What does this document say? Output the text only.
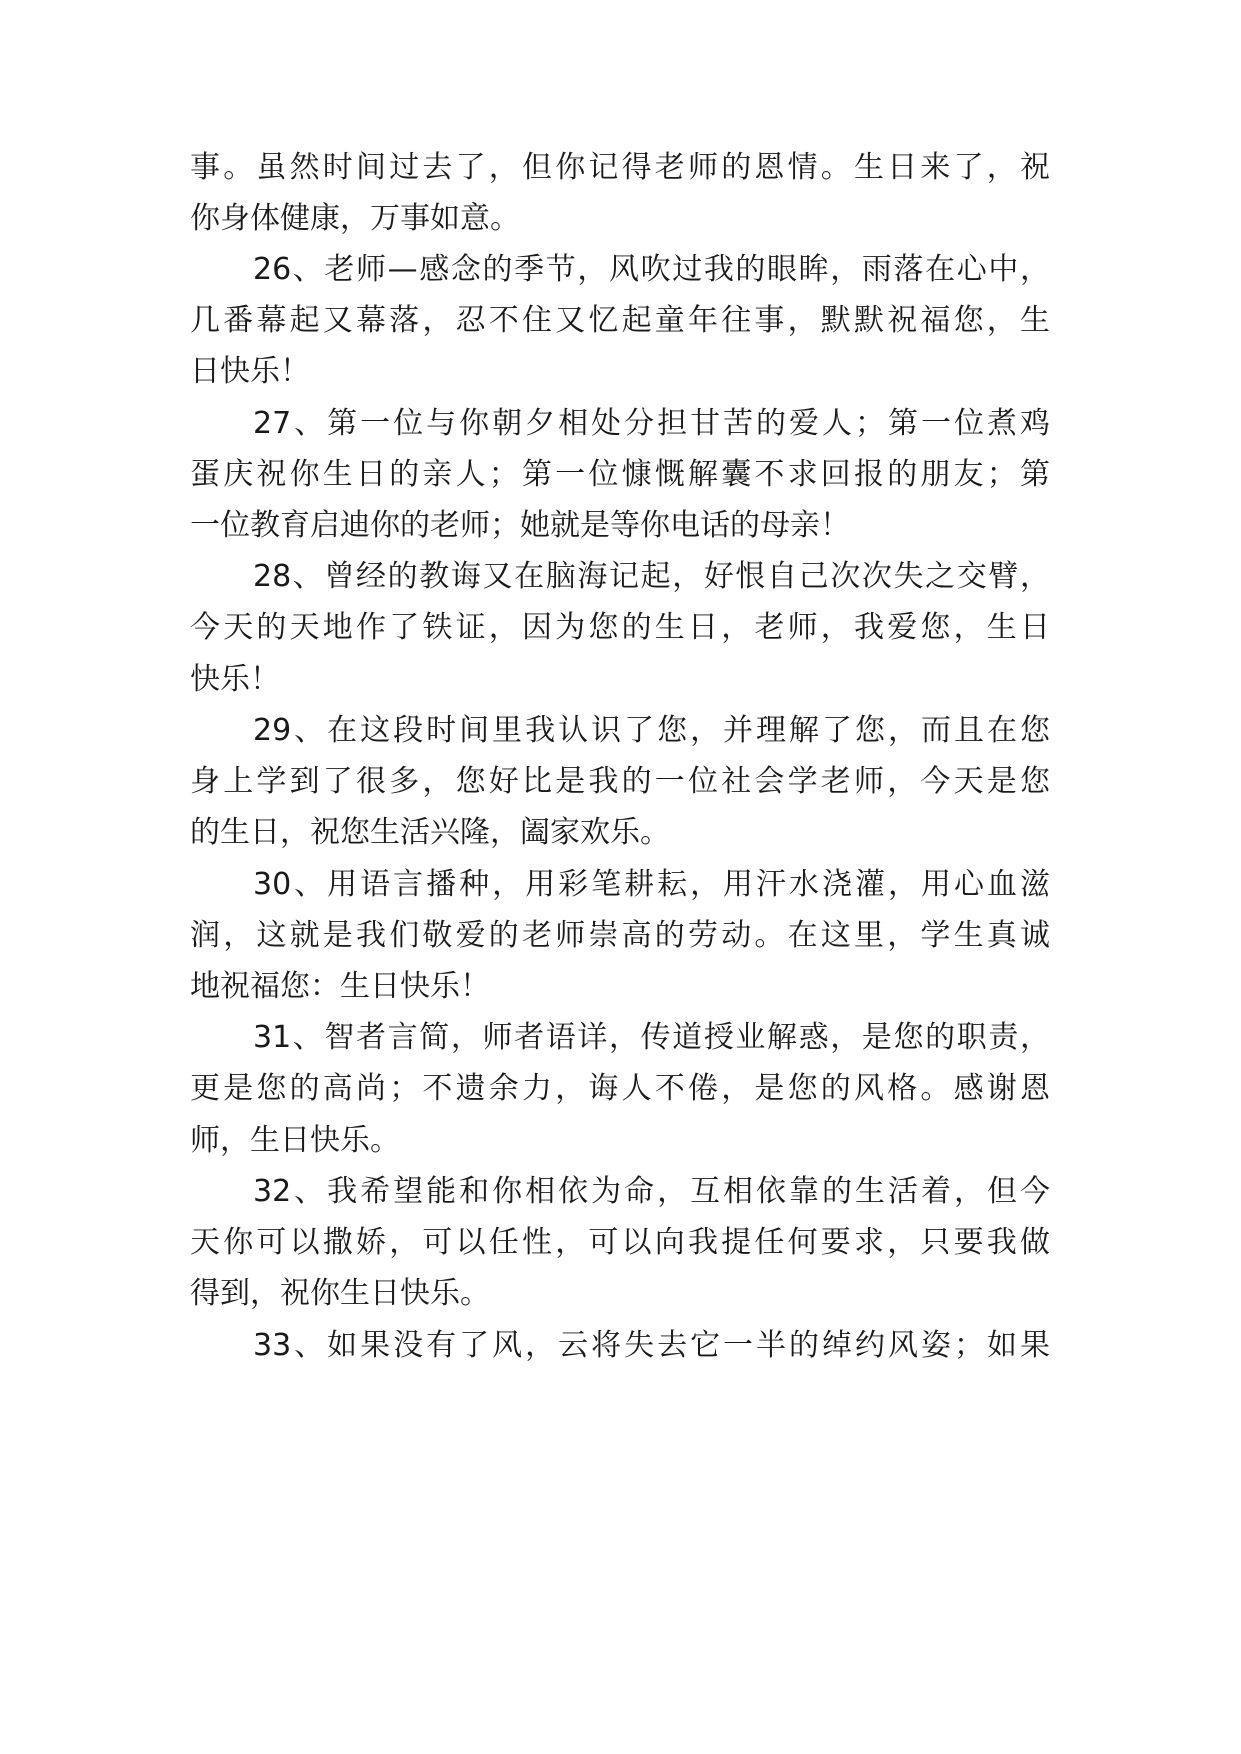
事。虽然时间过去了，但你记得老师的恩情。生日来了，祝
你身体健康，万事如意。
26、老师—感念的季节，风吹过我的眼眸，雨落在心中，
几番幕起又幕落，忍不住又忆起童年往事，默默祝福您，生
日快乐！
27、第一位与你朝夕相处分担甘苦的爱人；第一位煮鸡
蛋庆祝你生日的亲人；第一位慷慨解囊不求回报的朋友；第
一位教育启迪你的老师；她就是等你电话的母亲！
28、曾经的教诲又在脑海记起，好恨自己次次失之交臂，
今天的天地作了铁证，因为您的生日，老师，我爱您，生日
快乐！
29、在这段时间里我认识了您，并理解了您，而且在您
身上学到了很多，您好比是我的一位社会学老师，今天是您
的生日，祝您生活兴隆，阖家欢乐。
30、用语言播种，用彩笔耕耘，用汗水浇灌，用心血滋
润，这就是我们敬爱的老师崇高的劳动。在这里，学生真诚
地祝福您：生日快乐！
31、智者言简，师者语详，传道授业解惑，是您的职责，
更是您的高尚；不遗余力，诲人不倦，是您的风格。感谢恩
师，生日快乐。
32、我希望能和你相依为命，互相依靠的生活着，但今
天你可以撒娇，可以任性，可以向我提任何要求，只要我做
得到，祝你生日快乐。
33、如果没有了风，云将失去它一半的绰约风姿；如果
